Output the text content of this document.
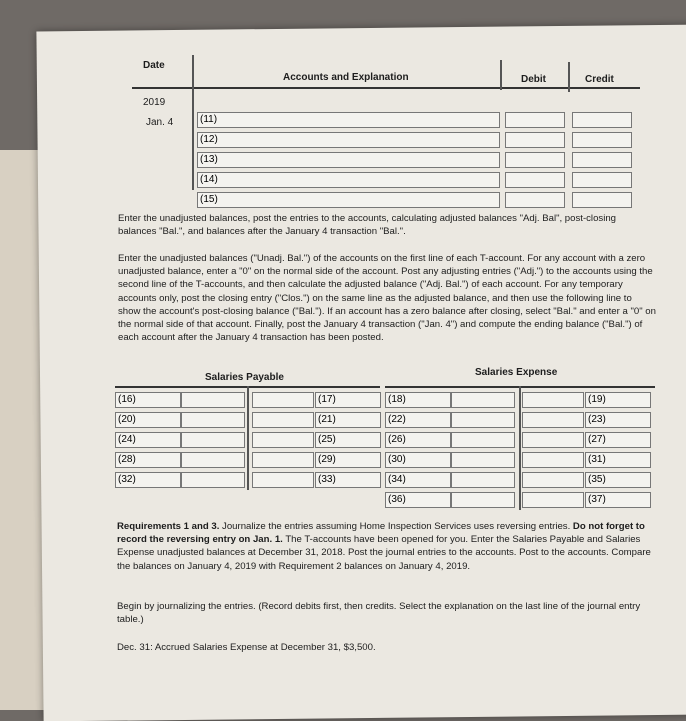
Date
Accounts and Explanation	Debit	Credit
2019
Jan. 4	(11)
(12)
(13)
(14)
(15)
Enter the unadjusted balances, post the entries to the accounts, calculating adjusted balances "Adj. Bal", post-closing balances "Bal.", and balances after the January 4 transaction "Bal.".
Enter the unadjusted balances ("Unadj. Bal.") of the accounts on the first line of each T-account. For any account with a zero unadjusted balance, enter a "0" on the normal side of the account. Post any adjusting entries ("Adj.") to the accounts using the second line of the T-accounts, and then calculate the adjusted balance ("Adj. Bal.") of each account. For any temporary accounts only, post the closing entry ("Clos.") on the same line as the adjusted balance, and then use the following line to show the account's post-closing balance ("Bal."). If an account has a zero balance after closing, select "Bal." and enter a "0" on the normal side of that account. Finally, post the January 4 transaction ("Jan. 4") and compute the ending balance ("Bal.") of each account after the January 4 transaction has been posted.
Salaries Payable
(16)	(17)
(20)	(21)
(24)	(25)
(28)	(29)
(32)	(33)
Salaries Expense
(18)	(19)
(22)	(23)
(26)	(27)
(30)	(31)
(34)	(35)
(36)	(37)
Requirements 1 and 3. Journalize the entries assuming Home Inspection Services uses reversing entries. Do not forget to record the reversing entry on Jan. 1. The T-accounts have been opened for you. Enter the Salaries Payable and Salaries Expense unadjusted balances at December 31, 2018. Post the journal entries to the accounts. Post to the accounts. Compare the balances on January 4, 2019 with Requirement 2 balances on January 4, 2019.
Begin by journalizing the entries. (Record debits first, then credits. Select the explanation on the last line of the journal entry table.)
Dec. 31: Accrued Salaries Expense at December 31, $3,500.
